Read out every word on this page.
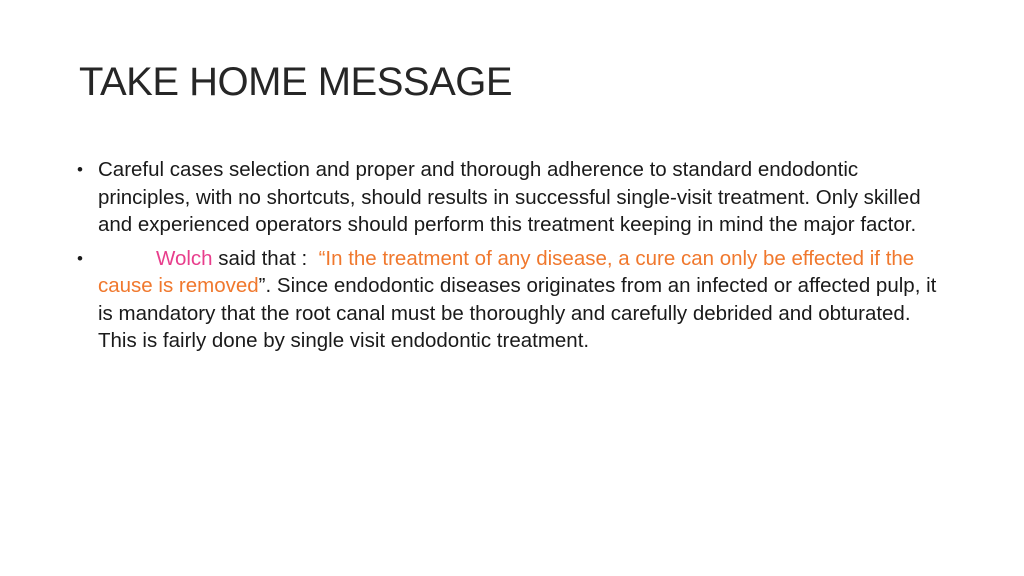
TAKE HOME MESSAGE
• Careful cases selection and proper and thorough adherence to standard endodontic principles, with no shortcuts, should results in successful single-visit treatment. Only skilled and experienced operators should perform this treatment keeping in mind the major factor.
•	Wolch said that :  “In the treatment of any disease, a cure can only be effected if the cause is removed”. Since endodontic diseases originates from an infected or affected pulp, it is mandatory that the root canal must be thoroughly and carefully debrided and obturated.   This is fairly done by single visit endodontic treatment.
